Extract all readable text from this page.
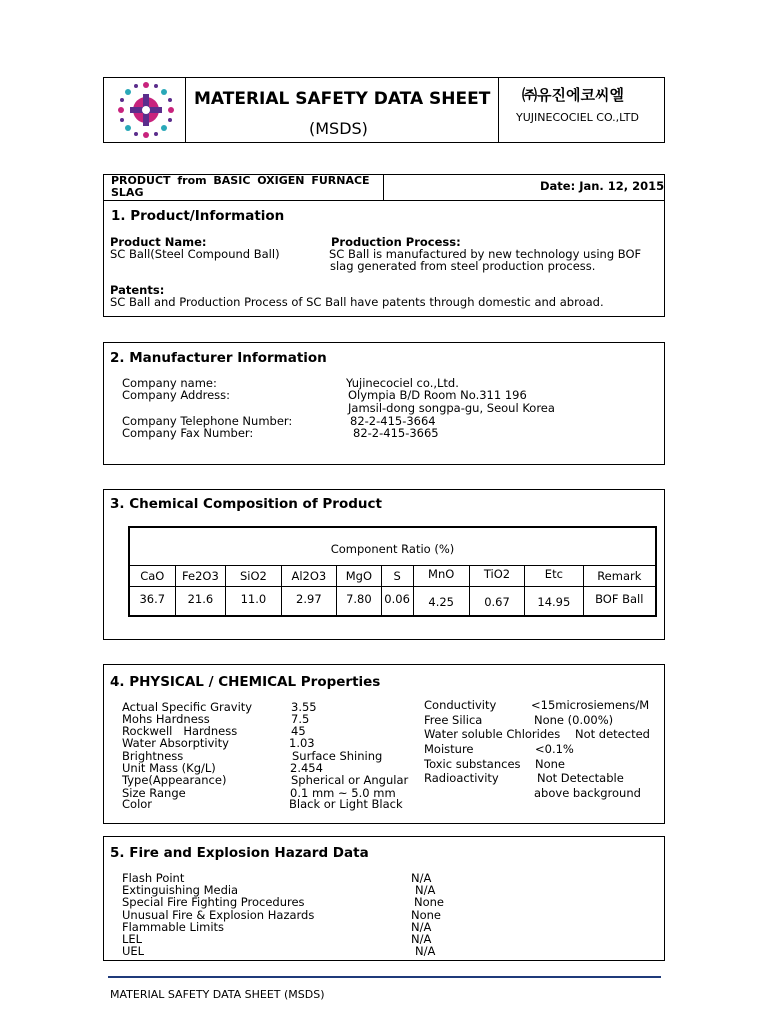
MATERIAL SAFETY DATA SHEET
(MSDS)
㈜유진에코씨엘
YUJINECOCIEL CO.,LTD
PRODUCT from BASIC OXIGEN FURNACE
SLAG	Date: Jan. 12, 2015
1. Product/Information
Product Name:
SC Ball(Steel Compound Ball)
Production Process:
SC Ball is manufactured by new technology using BOF
slag generated from steel production process.
Patents:
SC Ball and Production Process of SC Ball have patents through domestic and abroad.
2. Manufacturer Information
Company name:	Yujinecociel co.,Ltd.
Company Address:	Olympia B/D Room No.311 196
Jamsil-dong songpa-gu, Seoul Korea
Company Telephone Number:	82-2-415-3664
Company Fax Number:	82-2-415-3665
3. Chemical Composition of Product
Component Ratio (%)									
CaO	Fe2O3	SiO2	Al2O3	MgO	S	MnO	TiO2	Etc	Remark
36.7	21.6	11.0	2.97	7.80	0.06	4.25	0.67	14.95	BOF Ball
4. PHYSICAL / CHEMICAL Properties
Actual Specific Gravity	3.55
Mohs Hardness	7.5
Rockwell   Hardness	45
Water Absorptivity	1.03
Brightness	Surface Shining
Unit Mass (Kg/L)	2.454
Type(Appearance)	Spherical or Angular
Size Range	0.1 mm ~ 5.0 mm
Color	Black or Light Black
Conductivity	<15microsiemens/M
Free Silica	None (0.00%)
Water soluble Chlorides Not detected
Moisture	<0.1%
Toxic substances None
Radioactivity	Not Detectable
above background
5. Fire and Explosion Hazard Data
Flash Point	N/A
Extinguishing Media	N/A
Special Fire Fighting Procedures	None
Unusual Fire & Explosion Hazards	None
Flammable Limits	N/A
LEL	N/A
UEL	N/A
MATERIAL SAFETY DATA SHEET (MSDS)
